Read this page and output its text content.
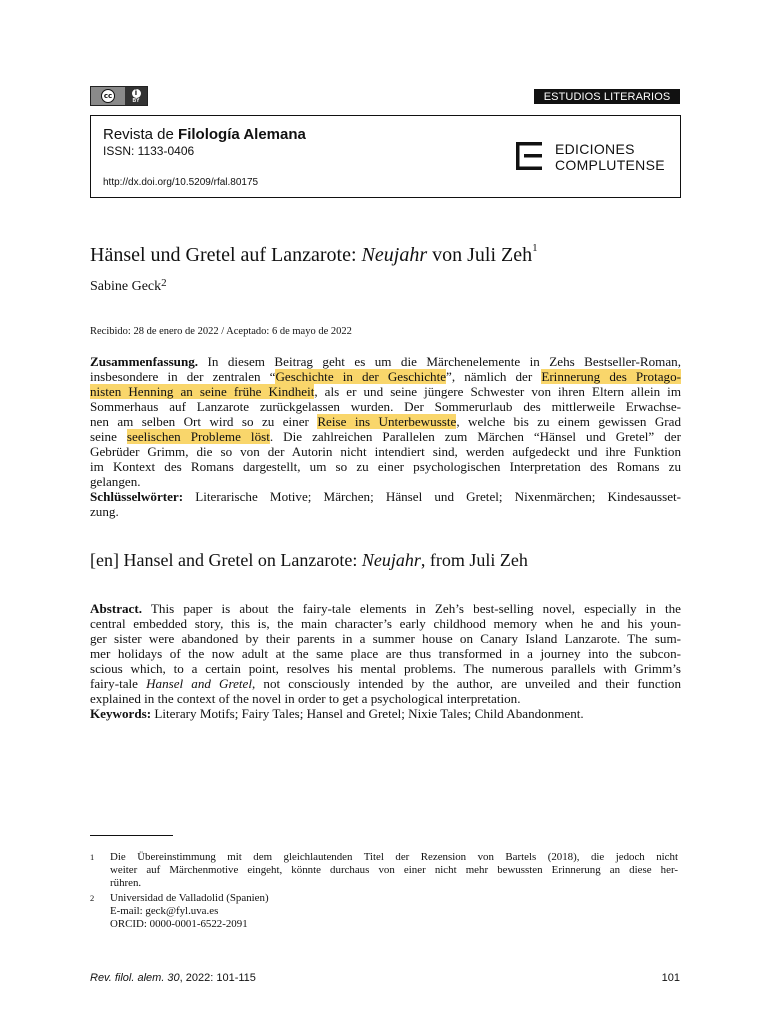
cc	i
BY	ESTUDIOS LITERARIOS
Revista de Filología Alemana
ISSN: 1133-0406
http://dx.doi.org/10.5209/rfal.80175
EDICIONES
COMPLUTENSE
Hänsel und Gretel auf Lanzarote: Neujahr von Juli Zeh$^1$
Sabine Geck$^2$
Recibido: 28 de enero de 2022 / Aceptado: 6 de mayo de 2022
Zusammenfassung. In diesem Beitrag geht es um die Märchenelemente in Zehs Bestseller-Roman,
insbesondere in der zentralen “Geschichte in der Geschichte”, nämlich der Erinnerung des Protago-
nisten Henning an seine frühe Kindheit, als er und seine jüngere Schwester von ihren Eltern allein im
Sommerhaus auf Lanzarote zurückgelassen wurden. Der Sommerurlaub des mittlerweile Erwachse-
nen am selben Ort wird so zu einer Reise ins Unterbewusste, welche bis zu einem gewissen Grad
seine seelischen Probleme löst. Die zahlreichen Parallelen zum Märchen “Hänsel und Gretel” der
Gebrüder Grimm, die so von der Autorin nicht intendiert sind, werden aufgedeckt und ihre Funktion
im Kontext des Romans dargestellt, um so zu einer psychologischen Interpretation des Romans zu
gelangen.
Schlüsselwörter: Literarische Motive; Märchen; Hänsel und Gretel; Nixenmärchen; Kindesausset-
zung.
[en] Hansel and Gretel on Lanzarote: Neujahr, from Juli Zeh
Abstract. This paper is about the fairy-tale elements in Zeh’s best-selling novel, especially in the
central embedded story, this is, the main character’s early childhood memory when he and his youn-
ger sister were abandoned by their parents in a summer house on Canary Island Lanzarote. The sum-
mer holidays of the now adult at the same place are thus transformed in a journey into the subcon-
scious which, to a certain point, resolves his mental problems. The numerous parallels with Grimm’s
fairy-tale Hansel and Gretel, not consciously intended by the author, are unveiled and their function
explained in the context of the novel in order to get a psychological interpretation.
Keywords: Literary Motifs; Fairy Tales; Hansel and Gretel; Nixie Tales; Child Abandonment.
1 Die Übereinstimmung mit dem gleichlautenden Titel der Rezension von Bartels (2018), die jedoch nicht
weiter auf Märchenmotive eingeht, könnte durchaus von einer nicht mehr bewussten Erinnerung an diese her-
rühren.
2 Universidad de Valladolid (Spanien)
E-mail: geck@fyl.uva.es
ORCID: 0000-0001-6522-2091
Rev. filol. alem. 30, 2022: 101-115	101
